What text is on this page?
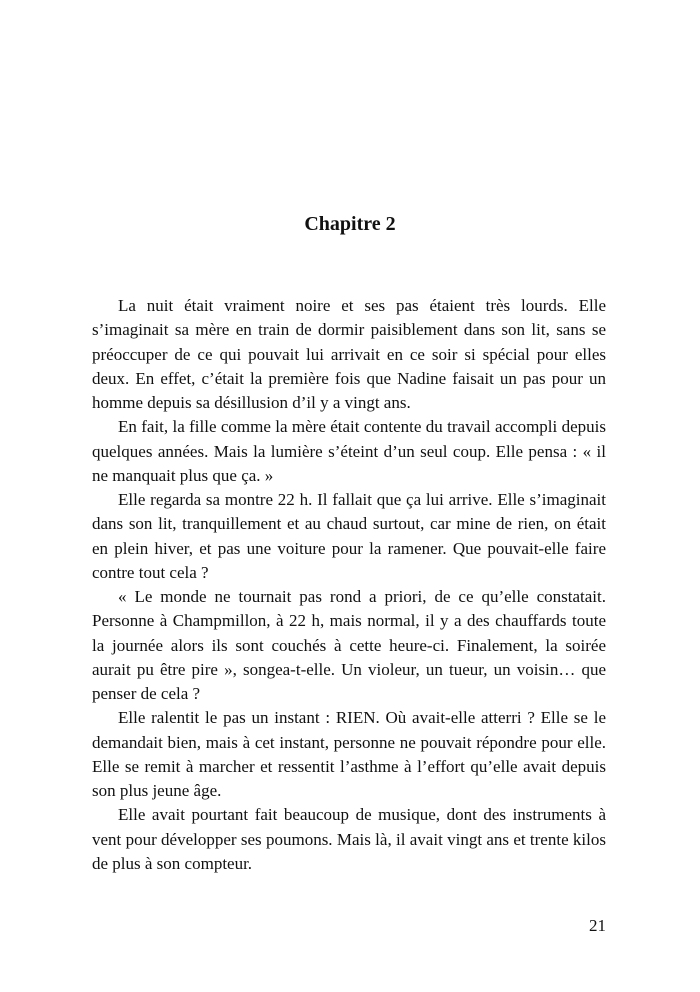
Chapitre 2

La nuit était vraiment noire et ses pas étaient très lourds. Elle s’imaginait sa mère en train de dormir paisiblement dans son lit, sans se préoccuper de ce qui pouvait lui arrivait en ce soir si spécial pour elles deux. En effet, c’était la première fois que Nadine faisait un pas pour un homme depuis sa désillusion d’il y a vingt ans.

En fait, la fille comme la mère était contente du travail accompli depuis quelques années. Mais la lumière s’éteint d’un seul coup. Elle pensa : « il ne manquait plus que ça. »

Elle regarda sa montre 22 h. Il fallait que ça lui arrive. Elle s’imaginait dans son lit, tranquillement et au chaud surtout, car mine de rien, on était en plein hiver, et pas une voiture pour la ramener. Que pouvait-elle faire contre tout cela ?

« Le monde ne tournait pas rond a priori, de ce qu’elle constatait. Personne à Champmillon, à 22 h, mais normal, il y a des chauffards toute la journée alors ils sont couchés à cette heure-ci. Finalement, la soirée aurait pu être pire », songea-t-elle. Un violeur, un tueur, un voisin… que penser de cela ?

Elle ralentit le pas un instant : RIEN. Où avait-elle atterri ? Elle se le demandait bien, mais à cet instant, personne ne pouvait répondre pour elle. Elle se remit à marcher et ressentit l’asthme à l’effort qu’elle avait depuis son plus jeune âge.

Elle avait pourtant fait beaucoup de musique, dont des instruments à vent pour développer ses poumons. Mais là, il avait vingt ans et trente kilos de plus à son compteur.

21
